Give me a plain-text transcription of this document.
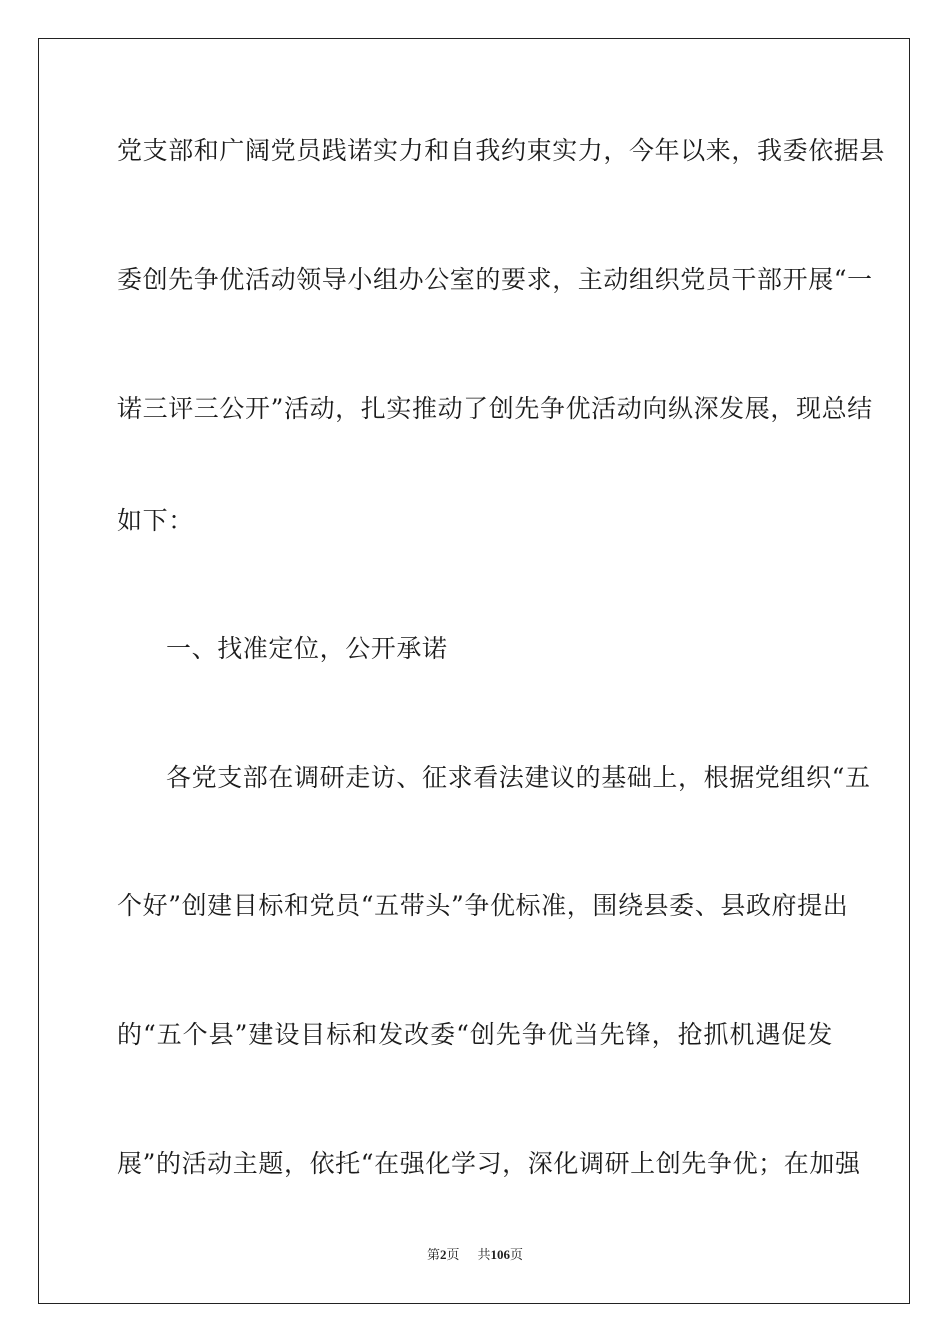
党支部和广阔党员践诺实力和自我约束实力，今年以来，我委依据县
委创先争优活动领导小组办公室的要求，主动组织党员干部开展“一
诺三评三公开”活动，扎实推动了创先争优活动向纵深发展，现总结
如下：
一、找准定位，公开承诺
各党支部在调研走访、征求看法建议的基础上，根据党组织“五
个好”创建目标和党员“五带头”争优标准，围绕县委、县政府提出
的“五个县”建设目标和发改委“创先争优当先锋，抢抓机遇促发
展”的活动主题，依托“在强化学习，深化调研上创先争优；在加强
第2页 共106页
